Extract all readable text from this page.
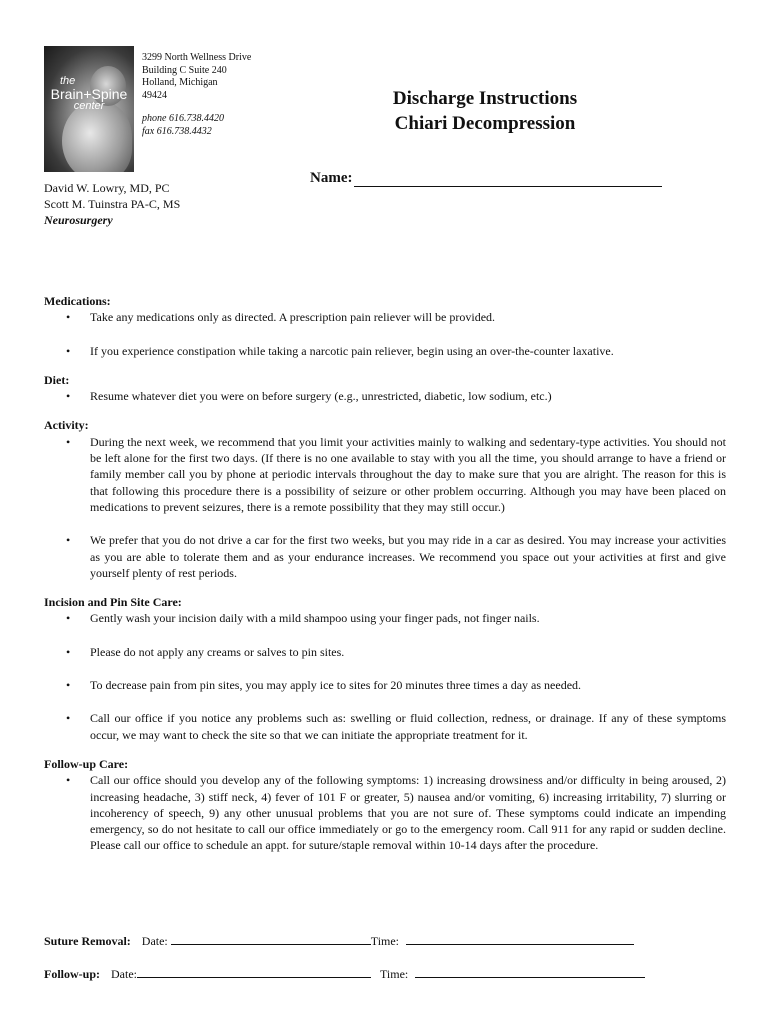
the
Brain+Spine
center
3299 North Wellness Drive
Building C Suite 240
Holland, Michigan
49424
phone 616.738.4420
fax 616.738.4432
Discharge Instructions
Chiari Decompression
Name:
David W. Lowry, MD, PC
Scott M. Tuinstra PA-C, MS
Neurosurgery
Medications:
• Take any medications only as directed. A prescription pain reliever will be provided.
• If you experience constipation while taking a narcotic pain reliever, begin using an over-the-counter laxative.
Diet:
• Resume whatever diet you were on before surgery (e.g., unrestricted, diabetic, low sodium, etc.)
Activity:
• During the next week, we recommend that you limit your activities mainly to walking and sedentary-type activities. You should not be left alone for the first two days. (If there is no one available to stay with you all the time, you should arrange to have a friend or family member call you by phone at periodic intervals throughout the day to make sure that you are alright. The reason for this is that following this procedure there is a possibility of seizure or other problem occurring. Although you may have been placed on medications to prevent seizures, there is a remote possibility that they may still occur.)
• We prefer that you do not drive a car for the first two weeks, but you may ride in a car as desired. You may increase your activities as you are able to tolerate them and as your endurance increases. We recommend you space out your activities at first and give yourself plenty of rest periods.
Incision and Pin Site Care:
• Gently wash your incision daily with a mild shampoo using your finger pads, not finger nails.
• Please do not apply any creams or salves to pin sites.
• To decrease pain from pin sites, you may apply ice to sites for 20 minutes three times a day as needed.
• Call our office if you notice any problems such as: swelling or fluid collection, redness, or drainage. If any of these symptoms occur, we may want to check the site so that we can initiate the appropriate treatment for it.
Follow-up Care:
• Call our office should you develop any of the following symptoms: 1) increasing drowsiness and/or difficulty in being aroused, 2) increasing headache, 3) stiff neck, 4) fever of 101 F or greater, 5) nausea and/or vomiting, 6) increasing irritability, 7) slurring or incoherency of speech, 9) any other unusual problems that you are not sure of. These symptoms could indicate an impending emergency, so do not hesitate to call our office immediately or go to the emergency room. Call 911 for any rapid or sudden decline. Please call our office to schedule an appt. for suture/staple removal within 10-14 days after the procedure.
Suture Removal: Date:	Time:
Follow-up: Date:	Time:
